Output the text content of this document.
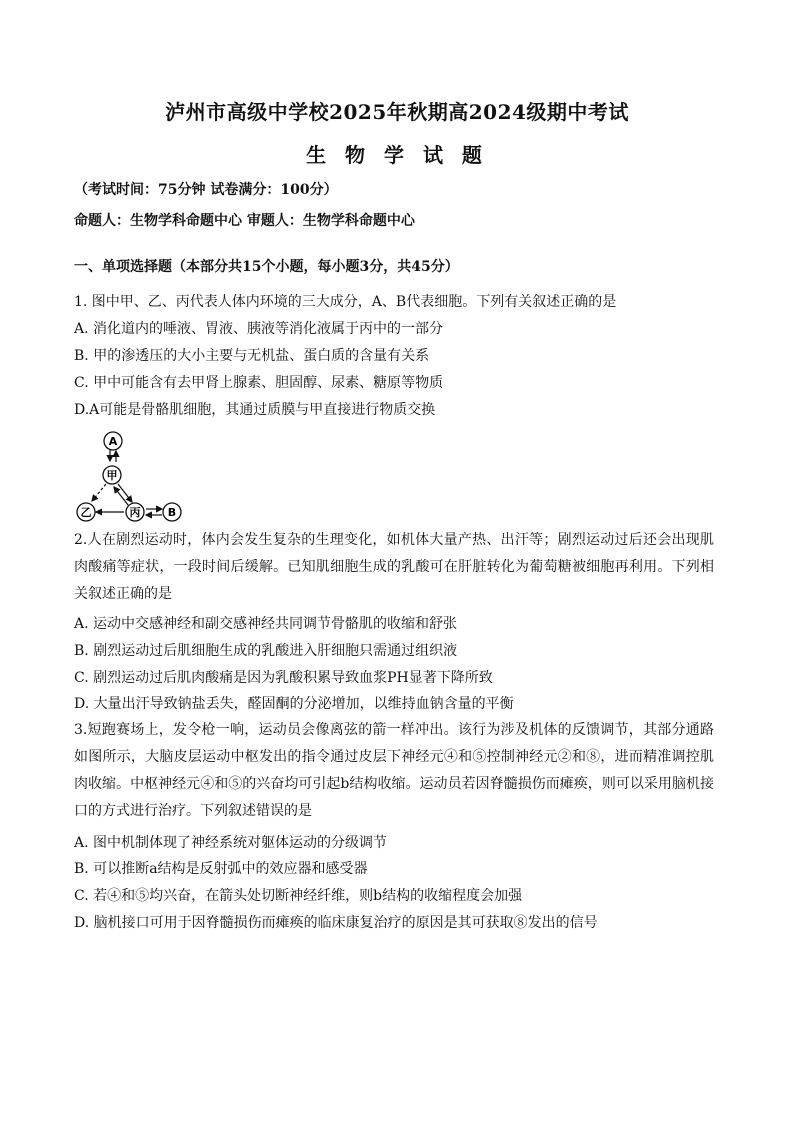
泸州市高级中学校2025年秋期高2024级期中考试
生 物 学 试 题
（考试时间：75分钟 试卷满分：100分）
命题人：生物学科命题中心 审题人：生物学科命题中心
一、单项选择题（本部分共15个小题，每小题3分，共45分）
1. 图中甲、乙、丙代表人体内环境的三大成分，A、B代表细胞。下列有关叙述正确的是
A. 消化道内的唾液、胃液、胰液等消化液属于丙中的一部分
B. 甲的渗透压的大小主要与无机盐、蛋白质的含量有关系
C. 甲中可能含有去甲肾上腺素、胆固醇、尿素、糖原等物质
D.A可能是骨骼肌细胞，其通过质膜与甲直接进行物质交换
A
甲
乙	丙 B
2.人在剧烈运动时，体内会发生复杂的生理变化，如机体大量产热、出汗等；剧烈运动过后还会出现肌肉酸痛等症状，一段时间后缓解。已知肌细胞生成的乳酸可在肝脏转化为葡萄糖被细胞再利用。下列相关叙述正确的是
A. 运动中交感神经和副交感神经共同调节骨骼肌的收缩和舒张
B. 剧烈运动过后肌细胞生成的乳酸进入肝细胞只需通过组织液
C. 剧烈运动过后肌肉酸痛是因为乳酸积累导致血浆PH显著下降所致
D. 大量出汗导致钠盐丢失，醛固酮的分泌增加，以维持血钠含量的平衡
3.短跑赛场上，发令枪一响，运动员会像离弦的箭一样冲出。该行为涉及机体的反馈调节，其部分通路如图所示，大脑皮层运动中枢发出的指令通过皮层下神经元④和⑤控制神经元②和⑧，进而精准调控肌肉收缩。中枢神经元④和⑤的兴奋均可引起b结构收缩。运动员若因脊髓损伤而瘫痪，则可以采用脑机接口的方式进行治疗。下列叙述错误的是
A. 图中机制体现了神经系统对躯体运动的分级调节
B. 可以推断a结构是反射弧中的效应器和感受器
C. 若④和⑤均兴奋，在箭头处切断神经纤维，则b结构的收缩程度会加强
D. 脑机接口可用于因脊髓损伤而瘫痪的临床康复治疗的原因是其可获取⑧发出的信号
